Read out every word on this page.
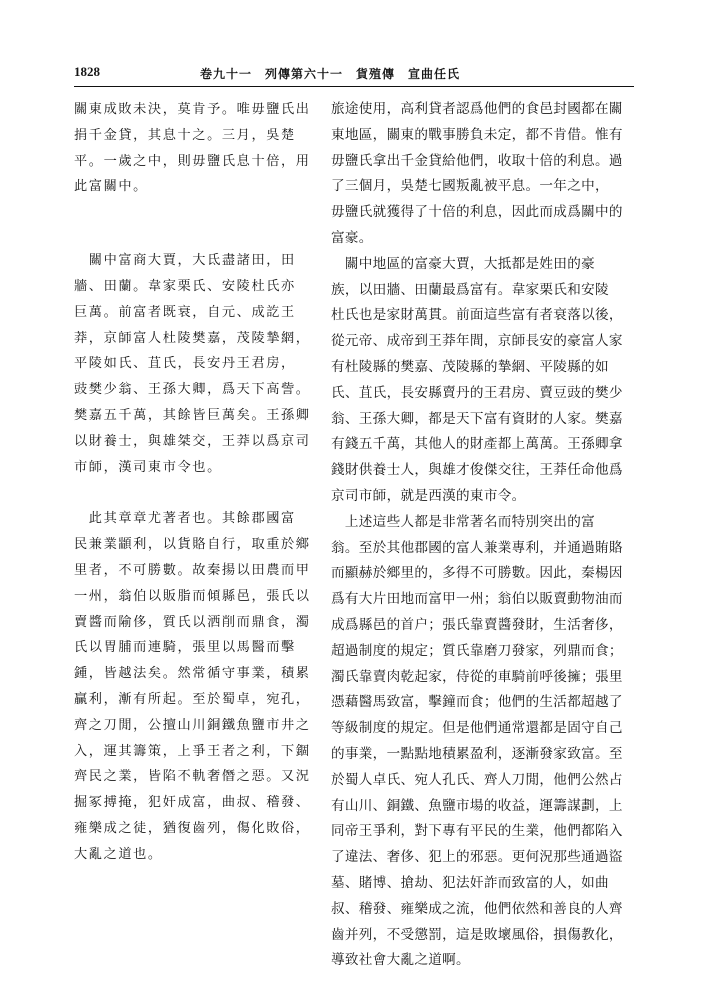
1828	卷九十一　列傳第六十一　貨殖傳　宣曲任氏
關東成敗未決，莫肯予。唯毋鹽氏出
捐千金貸，其息十之。三月，吳楚
平。一歲之中，則毋鹽氏息十倍，用
此富關中。
　關中富商大賈，大氐盡諸田，田
牆、田蘭。韋家栗氏、安陵杜氏亦
巨萬。前富者既衰，自元、成訖王
莽，京師富人杜陵樊嘉，茂陵摯網，
平陵如氏、苴氏，長安丹王君房，
豉樊少翁、王孫大卿，爲天下高訾。
樊嘉五千萬，其餘皆巨萬矣。王孫卿
以財養士，與雄桀交，王莽以爲京司
市師，漢司東市令也。
　此其章章尤著者也。其餘郡國富
民兼業顓利，以貨賂自行，取重於鄉
里者，不可勝數。故秦揚以田農而甲
一州，翁伯以販脂而傾縣邑，張氏以
賣醬而隃侈，質氏以洒削而鼎食，濁
氏以胃脯而連騎，張里以馬醫而擊
鍾，皆越法矣。然常循守事業，積累
贏利，漸有所起。至於蜀卓，宛孔，
齊之刀閒，公擅山川銅鐵魚鹽市井之
入，運其籌策，上爭王者之利，下錮
齊民之業，皆陷不軌奢僭之惡。又況
掘冢搏掩，犯奸成富，曲叔、稽發、
雍樂成之徒，猶復齒列，傷化敗俗，
大亂之道也。
旅途使用，高利貸者認爲他們的食邑封國都在關
東地區，關東的戰事勝負未定，都不肯借。惟有
毋鹽氏拿出千金貸給他們，收取十倍的利息。過
了三個月，吳楚七國叛亂被平息。一年之中，
毋鹽氏就獲得了十倍的利息，因此而成爲關中的
富豪。
　關中地區的富豪大賈，大抵都是姓田的豪
族，以田牆、田蘭最爲富有。韋家栗氏和安陵
杜氏也是家財萬貫。前面這些富有者衰落以後，
從元帝、成帝到王莽年間，京師長安的豪富人家
有杜陵縣的樊嘉、茂陵縣的摯網、平陵縣的如
氏、苴氏，長安縣賣丹的王君房、賣豆豉的樊少
翁、王孫大卿，都是天下富有資財的人家。樊嘉
有錢五千萬，其他人的財產都上萬萬。王孫卿拿
錢財供養士人，與雄才俊傑交往，王莽任命他爲
京司市師，就是西漢的東市令。
　上述這些人都是非常著名而特別突出的富
翁。至於其他郡國的富人兼業專利，并通過賄賂
而顯赫於鄉里的，多得不可勝數。因此，秦楊因
爲有大片田地而富甲一州；翁伯以販賣動物油而
成爲縣邑的首户；張氏靠賣醬發財，生活奢侈，
超過制度的規定；質氏靠磨刀發家，列鼎而食；
濁氏靠賣肉乾起家，侍從的車騎前呼後擁；張里
憑藉醫馬致富，擊鐘而食；他們的生活都超越了
等級制度的規定。但是他們通常還都是固守自己
的事業，一點點地積累盈利，逐漸發家致富。至
於蜀人卓氏、宛人孔氏、齊人刀閒，他們公然占
有山川、銅鐵、魚鹽市場的收益，運籌謀劃，上
同帝王爭利，對下專有平民的生業，他們都陷入
了違法、奢侈、犯上的邪惡。更何況那些通過盜
墓、賭博、搶劫、犯法奸詐而致富的人，如曲
叔、稽發、雍樂成之流，他們依然和善良的人齊
齒并列，不受懲罰，這是敗壞風俗，損傷教化，
導致社會大亂之道啊。
